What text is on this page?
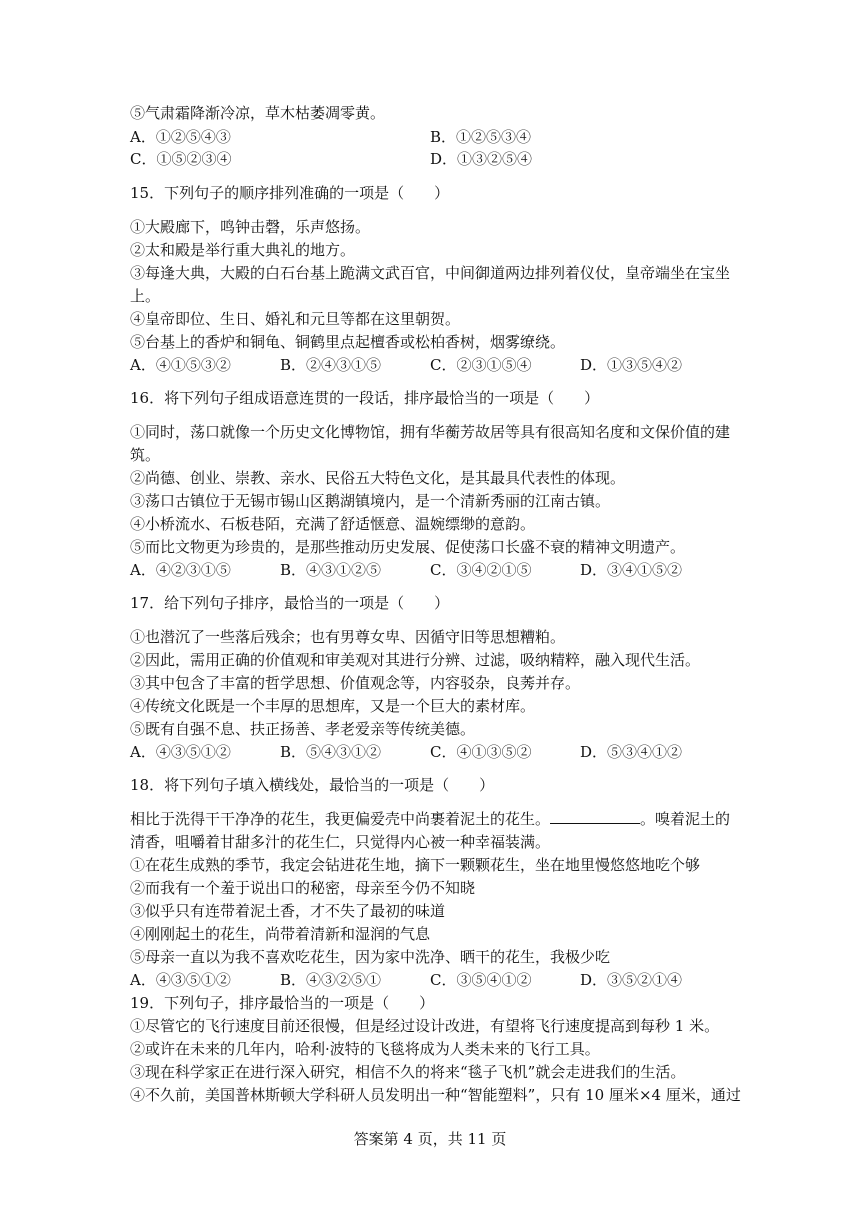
⑤气肃霜降渐冷凉，草木枯萎凋零黄。
A．①②⑤④③	B．①②⑤③④
C．①⑤②③④	D．①③②⑤④
15．下列句子的顺序排列准确的一项是（　　）
①大殿廊下，鸣钟击磬，乐声悠扬。
②太和殿是举行重大典礼的地方。
③每逢大典，大殿的白石台基上跪满文武百官，中间御道两边排列着仪仗，皇帝端坐在宝坐
上。
④皇帝即位、生日、婚礼和元旦等都在这里朝贺。
⑤台基上的香炉和铜龟、铜鹤里点起檀香或松柏香树，烟雾缭绕。
A．④①⑤③②	B．②④③①⑤	C．②③①⑤④	D．①③⑤④②
16．将下列句子组成语意连贯的一段话，排序最恰当的一项是（　　）
①同时，荡口就像一个历史文化博物馆，拥有华蘅芳故居等具有很高知名度和文保价值的建
筑。
②尚德、创业、崇教、亲水、民俗五大特色文化，是其最具代表性的体现。
③荡口古镇位于无锡市锡山区鹅湖镇境内，是一个清新秀丽的江南古镇。
④小桥流水、石板巷陌，充满了舒适惬意、温婉缥缈的意韵。
⑤而比文物更为珍贵的，是那些推动历史发展、促使荡口长盛不衰的精神文明遗产。
A．④②③①⑤	B．④③①②⑤	C．③④②①⑤	D．③④①⑤②
17．给下列句子排序，最恰当的一项是（　　）
①也潜沉了一些落后残余；也有男尊女卑、因循守旧等思想糟粕。
②因此，需用正确的价值观和审美观对其进行分辨、过滤，吸纳精粹，融入现代生活。
③其中包含了丰富的哲学思想、价值观念等，内容驳杂，良莠并存。
④传统文化既是一个丰厚的思想库，又是一个巨大的素材库。
⑤既有自强不息、扶正扬善、孝老爱亲等传统美德。
A．④③⑤①②	B．⑤④③①②	C．④①③⑤②	D．⑤③④①②
18．将下列句子填入横线处，最恰当的一项是（　　）
相比于洗得干干净净的花生，我更偏爱壳中尚裹着泥土的花生。	。嗅着泥土的
清香，咀嚼着甘甜多汁的花生仁，只觉得内心被一种幸福装满。
①在花生成熟的季节，我定会钻进花生地，摘下一颗颗花生，坐在地里慢悠悠地吃个够
②而我有一个羞于说出口的秘密，母亲至今仍不知晓
③似乎只有连带着泥土香，才不失了最初的味道
④刚刚起土的花生，尚带着清新和湿润的气息
⑤母亲一直以为我不喜欢吃花生，因为家中洗净、晒干的花生，我极少吃
A．④③⑤①②	B．④③②⑤①	C．③⑤④①②	D．③⑤②①④
19．下列句子，排序最恰当的一项是（　　）
①尽管它的飞行速度目前还很慢，但是经过设计改进，有望将飞行速度提高到每秒 1 米。
②或许在未来的几年内，哈利·波特的飞毯将成为人类未来的飞行工具。
③现在科学家正在进行深入研究，相信不久的将来“毯子飞机”就会走进我们的生活。
④不久前，美国普林斯顿大学科研人员发明出一种“智能塑料”，只有 10 厘米×4 厘米，通过
答案第 4 页，共 11 页
